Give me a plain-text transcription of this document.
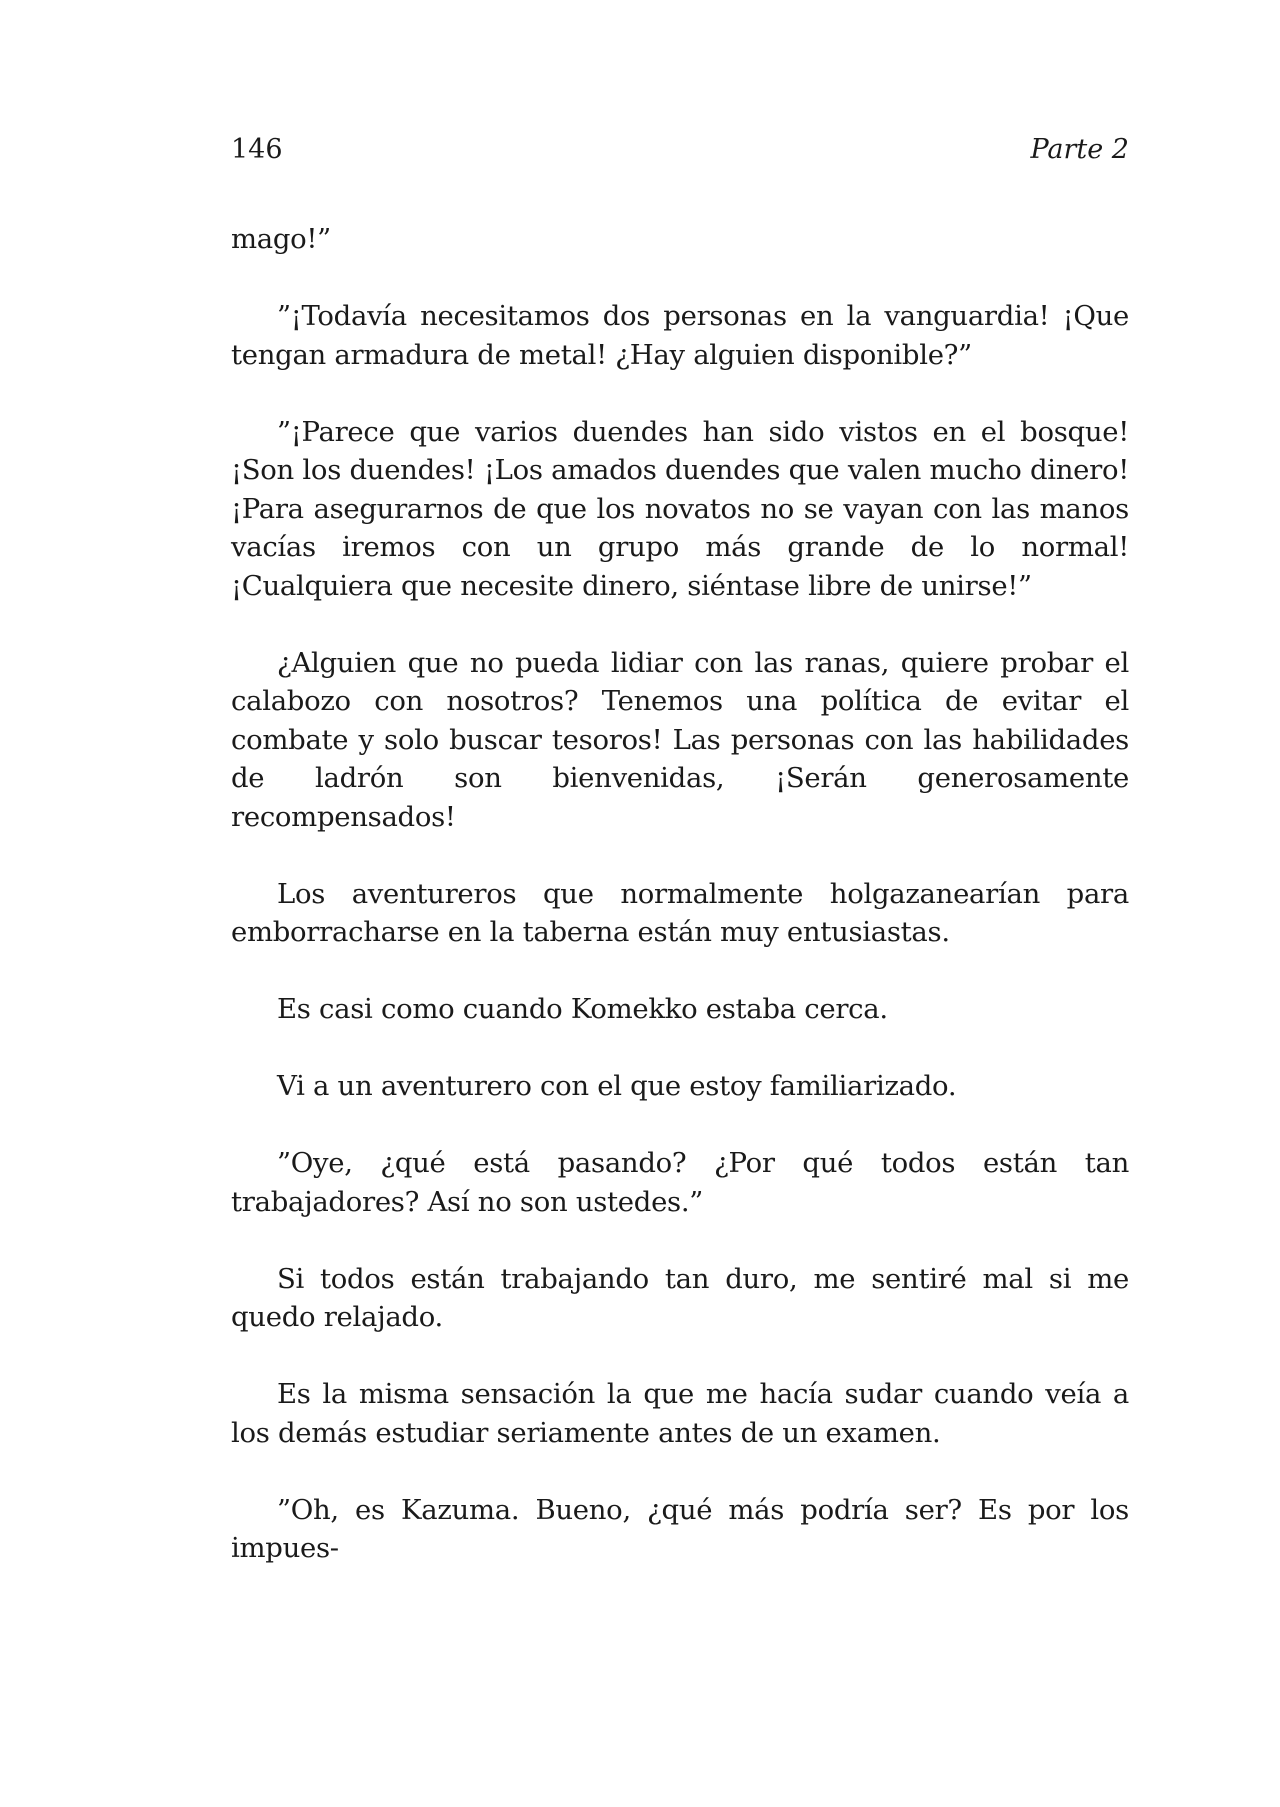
146	Parte 2

mago!”

”¡Todavía necesitamos dos personas en la vanguardia! ¡Que tengan armadura de metal! ¿Hay alguien disponible?”

”¡Parece que varios duendes han sido vistos en el bosque! ¡Son los duendes! ¡Los amados duendes que valen mucho dinero! ¡Para asegurarnos de que los novatos no se vayan con las manos vacías iremos con un grupo más grande de lo normal! ¡Cualquiera que necesite dinero, siéntase libre de unirse!”

¿Alguien que no pueda lidiar con las ranas, quiere probar el calabozo con nosotros? Tenemos una política de evitar el combate y solo buscar tesoros! Las personas con las habilidades de ladrón son bienvenidas, ¡Serán generosamente recompensados!

Los aventureros que normalmente holgazanearían para emborracharse en la taberna están muy entusiastas.

Es casi como cuando Komekko estaba cerca.

Vi a un aventurero con el que estoy familiarizado.

”Oye, ¿qué está pasando? ¿Por qué todos están tan trabajadores? Así no son ustedes.”

Si todos están trabajando tan duro, me sentiré mal si me quedo relajado.

Es la misma sensación la que me hacía sudar cuando veía a los demás estudiar seriamente antes de un examen.

”Oh, es Kazuma. Bueno, ¿qué más podría ser? Es por los impues-
